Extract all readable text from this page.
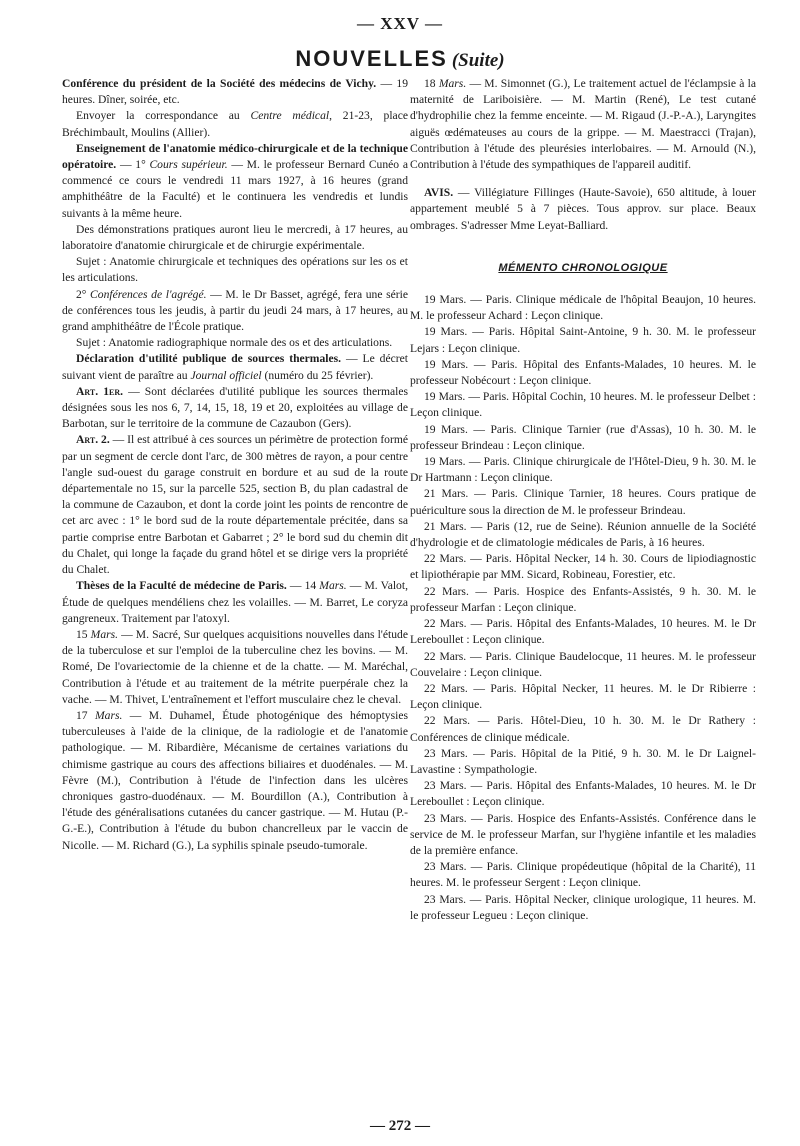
— XXV —
NOUVELLES (Suite)

Conférence du président de la Société des médecins de Vichy. — 19 heures. Dîner, soirée, etc.

Envoyer la correspondance au Centre médical, 21-23, place Bréchimbault, Moulins (Allier).

Enseignement de l'anatomie médico-chirurgicale et de la technique opératoire. — 1° Cours supérieur. — M. le professeur Bernard Cunéo a commencé ce cours le vendredi 11 mars 1927, à 16 heures (grand amphithéâtre de la Faculté) et le continuera les vendredis et lundis suivants à la même heure.

Des démonstrations pratiques auront lieu le mercredi, à 17 heures, au laboratoire d'anatomie chirurgicale et de chirurgie expérimentale.

Sujet : Anatomie chirurgicale et techniques des opérations sur les os et les articulations.

2° Conférences de l'agrégé. — M. le Dr Basset, agrégé, fera une série de conférences tous les jeudis, à partir du jeudi 24 mars, à 17 heures, au grand amphithéâtre de l'École pratique.

Sujet : Anatomie radiographique normale des os et des articulations.

Déclaration d'utilité publique de sources thermales. — Le décret suivant vient de paraître au Journal officiel (numéro du 25 février).

Art. 1er. — Sont déclarées d'utilité publique les sources thermales désignées sous les nos 6, 7, 14, 15, 18, 19 et 20, exploitées au village de Barbotan, sur le territoire de la commune de Cazaubon (Gers).

Art. 2. — Il est attribué à ces sources un périmètre de protection formé par un segment de cercle dont l'arc, de 300 mètres de rayon, a pour centre l'angle sud-ouest du garage construit en bordure et au sud de la route départementale no 15, sur la parcelle 525, section B, du plan cadastral de la commune de Cazaubon, et dont la corde joint les points de rencontre de cet arc avec : 1° le bord sud de la route départementale précitée, dans sa partie comprise entre Barbotan et Gabarret ; 2° le bord sud du chemin dit du Chalet, qui longe la façade du grand hôtel et se dirige vers la propriété du Chalet.

Thèses de la Faculté de médecine de Paris. — 14 Mars. — M. Valot, Étude de quelques mendéliens chez les volailles. — M. Barret, Le coryza gangreneux. Traitement par l'atoxyl.

15 Mars. — M. Sacré, Sur quelques acquisitions nouvelles dans l'étude de la tuberculose et sur l'emploi de la tuberculine chez les bovins. — M. Romé, De l'ovariectomie de la chienne et de la chatte. — M. Maréchal, Contribution à l'étude et au traitement de la métrite puerpérale chez la vache. — M. Thivet, L'entraînement et l'effort musculaire chez le cheval.

17 Mars. — M. Duhamel, Étude photogénique des hémoptysies tuberculeuses à l'aide de la clinique, de la radiologie et de l'anatomie pathologique. — M. Ribardière, Mécanisme de certaines variations du chimisme gastrique au cours des affections biliaires et duodénales. — M. Fèvre (M.), Contribution à l'étude de l'infection dans les ulcères chroniques gastro-duodénaux. — M. Bourdillon (A.), Contribution à l'étude des généralisations cutanées du cancer gastrique. — M. Hutau (P.-G.-E.), Contribution à l'étude du bubon chancrelleux par le vaccin de Nicolle. — M. Richard (G.), La syphilis spinale pseudo-tumorale.

18 Mars. — M. Simonnet (G.), Le traitement actuel de l'éclampsie à la maternité de Lariboisière. — M. Martin (René), Le test cutané d'hydrophilie chez la femme enceinte. — M. Rigaud (J.-P.-A.), Laryngites aiguës œdémateuses au cours de la grippe. — M. Maestracci (Trajan), Contribution à l'étude des pleurésies interlobaires. — M. Arnould (N.), Contribution à l'étude des sympathiques de l'appareil auditif.

AVIS. — Villégiature Fillinges (Haute-Savoie), 650 altitude, à louer appartement meublé 5 à 7 pièces. Tous approv. sur place. Beaux ombrages. S'adresser Mme Leyat-Balliard.

MÉMENTO CHRONOLOGIQUE

19 Mars. — Paris. Clinique médicale de l'hôpital Beaujon, 10 heures. M. le professeur Achard : Leçon clinique.

19 Mars. — Paris. Hôpital Saint-Antoine, 9 h. 30. M. le professeur Lejars : Leçon clinique.

19 Mars. — Paris. Hôpital des Enfants-Malades, 10 heures. M. le professeur Nobécourt : Leçon clinique.

19 Mars. — Paris. Hôpital Cochin, 10 heures. M. le professeur Delbet : Leçon clinique.

19 Mars. — Paris. Clinique Tarnier (rue d'Assas), 10 h. 30. M. le professeur Brindeau : Leçon clinique.

19 Mars. — Paris. Clinique chirurgicale de l'Hôtel-Dieu, 9 h. 30. M. le Dr Hartmann : Leçon clinique.

21 Mars. — Paris. Clinique Tarnier, 18 heures. Cours pratique de puériculture sous la direction de M. le professeur Brindeau.

21 Mars. — Paris (12, rue de Seine). Réunion annuelle de la Société d'hydrologie et de climatologie médicales de Paris, à 16 heures.

22 Mars. — Paris. Hôpital Necker, 14 h. 30. Cours de lipiodiagnostic et lipiothérapie par MM. Sicard, Robineau, Forestier, etc.

22 Mars. — Paris. Hospice des Enfants-Assistés, 9 h. 30. M. le professeur Marfan : Leçon clinique.

22 Mars. — Paris. Hôpital des Enfants-Malades, 10 heures. M. le Dr Lereboullet : Leçon clinique.

22 Mars. — Paris. Clinique Baudelocque, 11 heures. M. le professeur Couvelaire : Leçon clinique.

22 Mars. — Paris. Hôpital Necker, 11 heures. M. le Dr Ribierre : Leçon clinique.

22 Mars. — Paris. Hôtel-Dieu, 10 h. 30. M. le Dr Rathery : Conférences de clinique médicale.

23 Mars. — Paris. Hôpital de la Pitié, 9 h. 30. M. le Dr Laignel-Lavastine : Sympathologie.

23 Mars. — Paris. Hôpital des Enfants-Malades, 10 heures. M. le Dr Lereboullet : Leçon clinique.

23 Mars. — Paris. Hospice des Enfants-Assistés. Conférence dans le service de M. le professeur Marfan, sur l'hygiène infantile et les maladies de la première enfance.

23 Mars. — Paris. Clinique propédeutique (hôpital de la Charité), 11 heures. M. le professeur Sergent : Leçon clinique.

23 Mars. — Paris. Hôpital Necker, clinique urologique, 11 heures. M. le professeur Legueu : Leçon clinique.

— 272 —
